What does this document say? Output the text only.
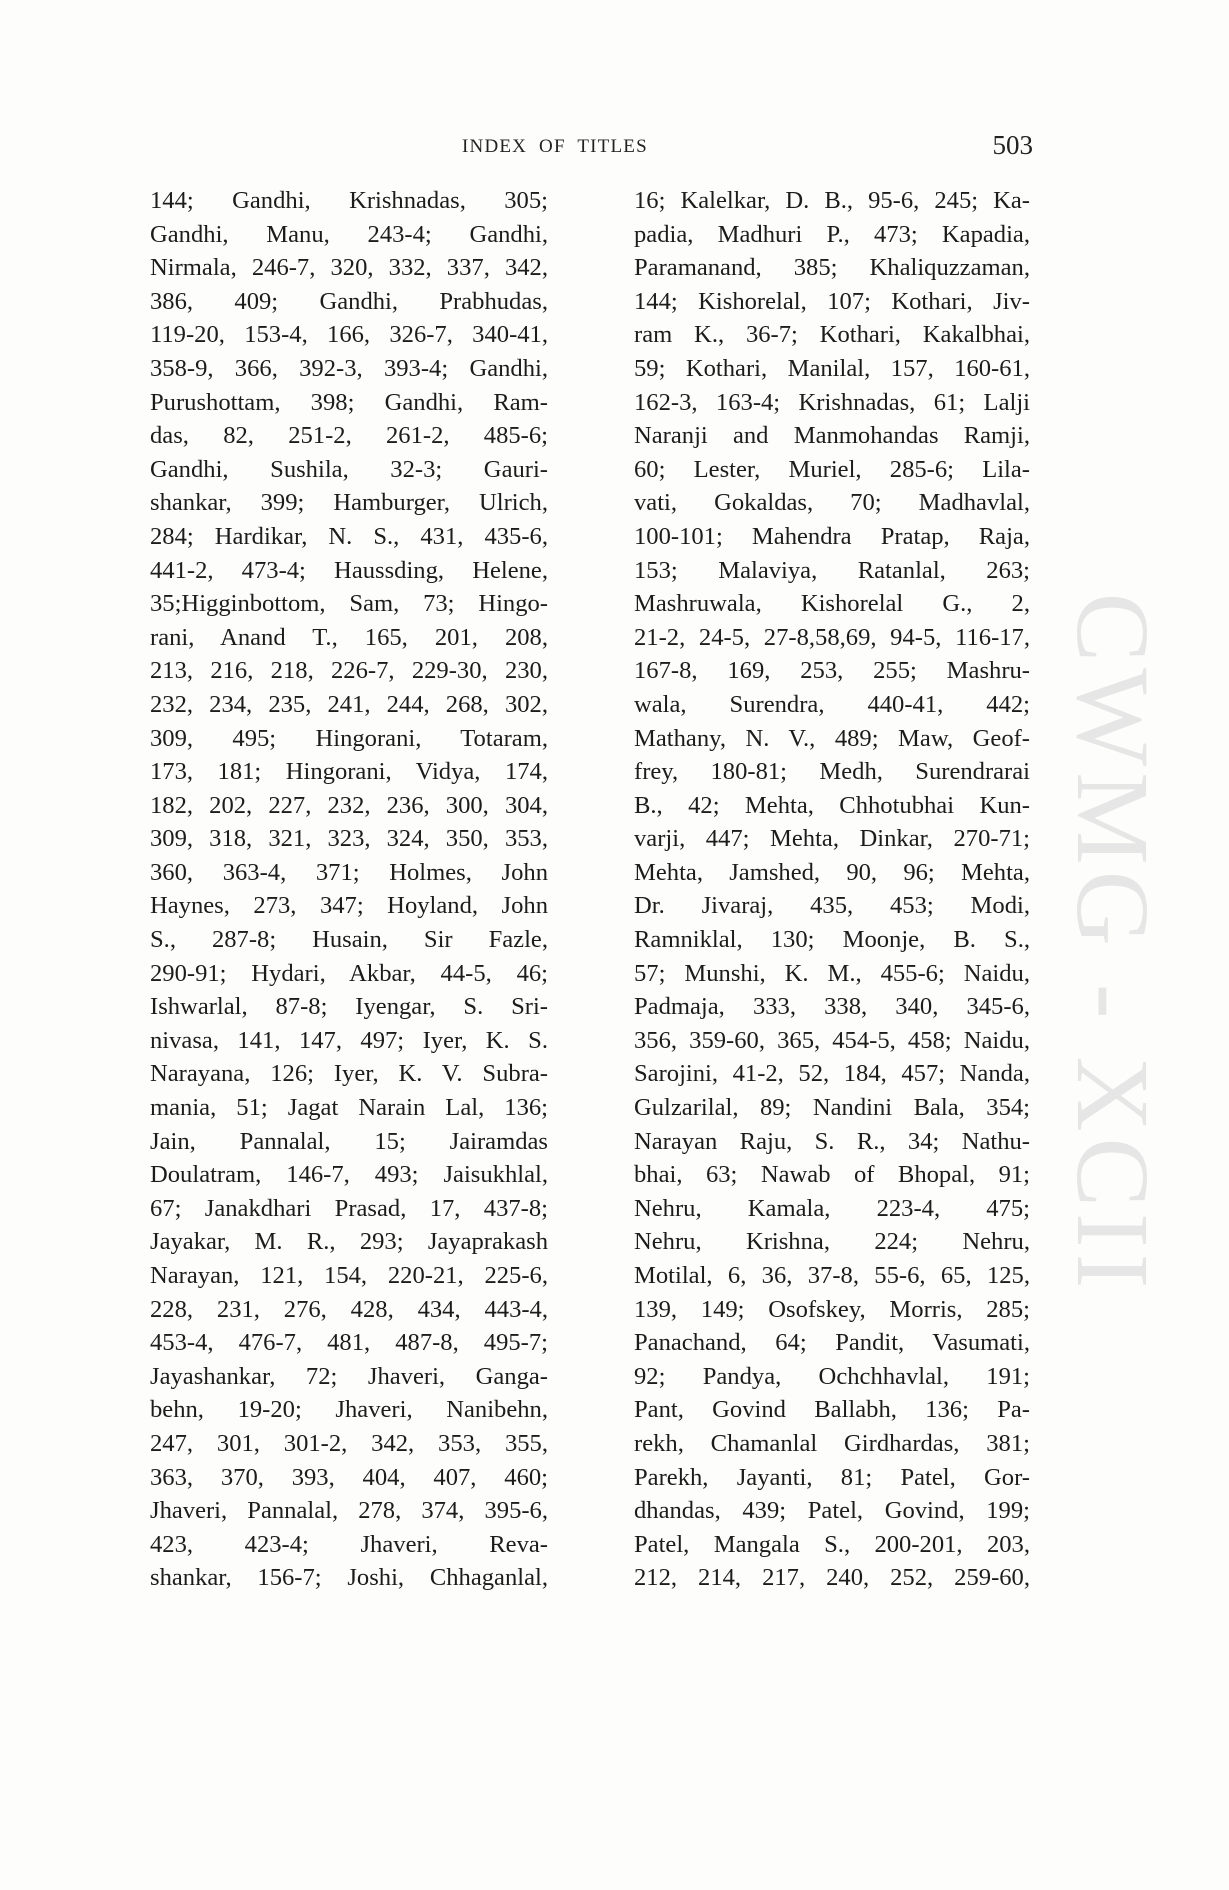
INDEX OF TITLES	503
144; Gandhi, Krishnadas, 305;
Gandhi, Manu, 243-4; Gandhi,
Nirmala, 246-7, 320, 332, 337, 342,
386, 409; Gandhi, Prabhudas,
119-20, 153-4, 166, 326-7, 340-41,
358-9, 366, 392-3, 393-4; Gandhi,
Purushottam, 398; Gandhi, Ram-
das, 82, 251-2, 261-2, 485-6;
Gandhi, Sushila, 32-3; Gauri-
shankar, 399; Hamburger, Ulrich,
284; Hardikar, N. S., 431, 435-6,
441-2, 473-4; Haussding, Helene,
35;Higginbottom, Sam, 73; Hingo-
rani, Anand T., 165, 201, 208,
213, 216, 218, 226-7, 229-30, 230,
232, 234, 235, 241, 244, 268, 302,
309, 495; Hingorani, Totaram,
173, 181; Hingorani, Vidya, 174,
182, 202, 227, 232, 236, 300, 304,
309, 318, 321, 323, 324, 350, 353,
360, 363-4, 371; Holmes, John
Haynes, 273, 347; Hoyland, John
S., 287-8; Husain, Sir Fazle,
290-91; Hydari, Akbar, 44-5, 46;
Ishwarlal, 87-8; Iyengar, S. Sri-
nivasa, 141, 147, 497; Iyer, K. S.
Narayana, 126; Iyer, K. V. Subra-
mania, 51; Jagat Narain Lal, 136;
Jain, Pannalal, 15; Jairamdas
Doulatram, 146-7, 493; Jaisukhlal,
67; Janakdhari Prasad, 17, 437-8;
Jayakar, M. R., 293; Jayaprakash
Narayan, 121, 154, 220-21, 225-6,
228, 231, 276, 428, 434, 443-4,
453-4, 476-7, 481, 487-8, 495-7;
Jayashankar, 72; Jhaveri, Ganga-
behn, 19-20; Jhaveri, Nanibehn,
247, 301, 301-2, 342, 353, 355,
363, 370, 393, 404, 407, 460;
Jhaveri, Pannalal, 278, 374, 395-6,
423, 423-4; Jhaveri, Reva-
shankar, 156-7; Joshi, Chhaganlal,
16; Kalelkar, D. B., 95-6, 245; Ka-
padia, Madhuri P., 473; Kapadia,
Paramanand, 385; Khaliquzzaman,
144; Kishorelal, 107; Kothari, Jiv-
ram K., 36-7; Kothari, Kakalbhai,
59; Kothari, Manilal, 157, 160-61,
162-3, 163-4; Krishnadas, 61; Lalji
Naranji and Manmohandas Ramji,
60; Lester, Muriel, 285-6; Lila-
vati, Gokaldas, 70; Madhavlal,
100-101; Mahendra Pratap, Raja,
153; Malaviya, Ratanlal, 263;
Mashruwala, Kishorelal G., 2,
21-2, 24-5, 27-8,58,69, 94-5, 116-17,
167-8, 169, 253, 255; Mashru-
wala, Surendra, 440-41, 442;
Mathany, N. V., 489; Maw, Geof-
frey, 180-81; Medh, Surendrarai
B., 42; Mehta, Chhotubhai Kun-
varji, 447; Mehta, Dinkar, 270-71;
Mehta, Jamshed, 90, 96; Mehta,
Dr. Jivaraj, 435, 453; Modi,
Ramniklal, 130; Moonje, B. S.,
57; Munshi, K. M., 455-6; Naidu,
Padmaja, 333, 338, 340, 345-6,
356, 359-60, 365, 454-5, 458; Naidu,
Sarojini, 41-2, 52, 184, 457; Nanda,
Gulzarilal, 89; Nandini Bala, 354;
Narayan Raju, S. R., 34; Nathu-
bhai, 63; Nawab of Bhopal, 91;
Nehru, Kamala, 223-4, 475;
Nehru, Krishna, 224; Nehru,
Motilal, 6, 36, 37-8, 55-6, 65, 125,
139, 149; Osofskey, Morris, 285;
Panachand, 64; Pandit, Vasumati,
92; Pandya, Ochchhavlal, 191;
Pant, Govind Ballabh, 136; Pa-
rekh, Chamanlal Girdhardas, 381;
Parekh, Jayanti, 81; Patel, Gor-
dhandas, 439; Patel, Govind, 199;
Patel, Mangala S., 200-201, 203,
212, 214, 217, 240, 252, 259-60,
CWMG - XCII
